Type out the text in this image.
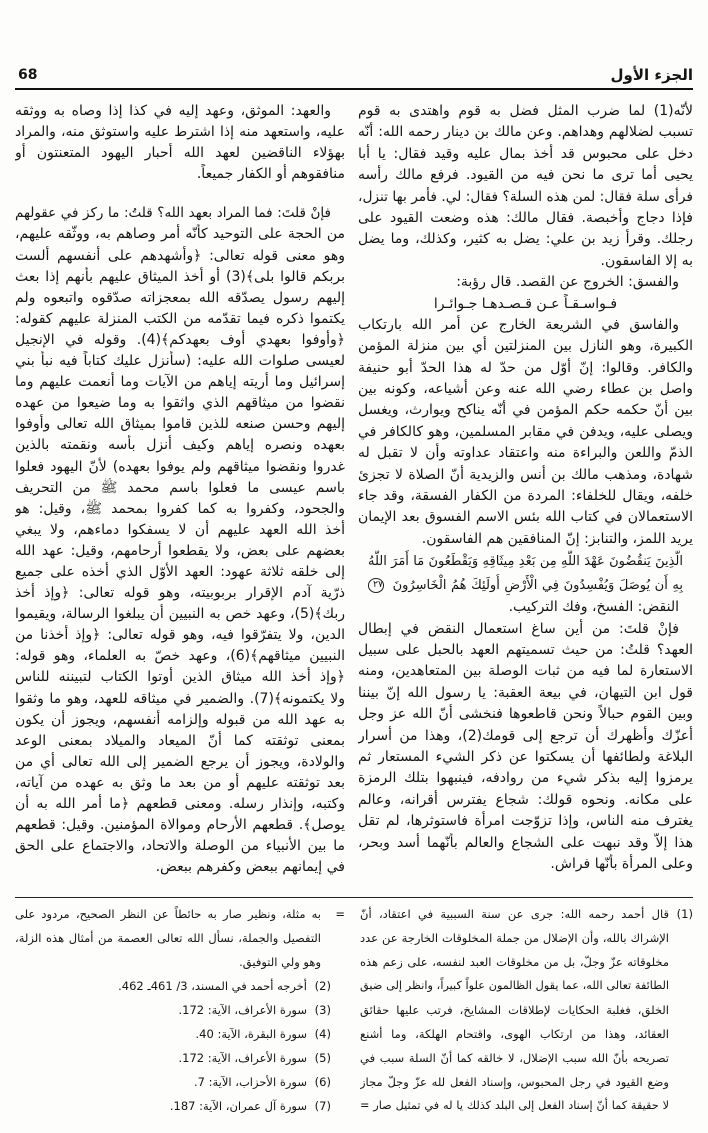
الجزء الأول
68
لأنّه(1) لما ضرب المثل فضل به قوم واهتدى به قوم
تسبب لضلالهم وهداهم. وعن مالك بن دينار رحمه الله: أنّه
دخل على محبوس قد أخذ بمال عليه وقيد فقال: يا أبا
يحيى أما ترى ما نحن فيه من القيود. فرفع مالك رأسه
فرأى سلة فقال: لمن هذه السلة؟ فقال: لي. فأمر بها تنزل،
فإذا دجاج وأخبصة. فقال مالك: هذه وضعت القيود على
رجلك. وقرأ زيد بن علي: يضل به كثير، وكذلك، وما يضل
به إلا الفاسقون.
والفسق: الخروج عن القصد. قال رؤبة:
فـواسـقـاً عـن قـصـدهـا جـوائـرا
والفاسق في الشريعة الخارج عن أمر الله بارتكاب
الكبيرة، وهو النازل بين المنزلتين أي بين منزلة المؤمن
والكافر. وقالوا: إنّ أوّل من حدّ له هذا الحدّ أبو حنيفة
واصل بن عطاء رضي الله عنه وعن أشياعه، وكونه بين
بين أنّ حكمه حكم المؤمن في أنّه يناكح ويوارث، ويغسل
ويصلى عليه، ويدفن في مقابر المسلمين، وهو كالكافر في
الذمّ واللعن والبراءة منه واعتقاد عداوته وأن لا تقبل له
شهادة، ومذهب مالك بن أنس والزيدية أنّ الصلاة لا تجزئ
خلفه، ويقال للخلفاء: المردة من الكفار الفسقة، وقد جاء
الاستعمالان في كتاب الله بئس الاسم الفسوق بعد الإيمان
يريد اللمز، والتنابز: إنّ المنافقين هم الفاسقون.
الَّذِينَ يَنقُضُونَ عَهْدَ اللَّهِ مِن بَعْدِ مِيثَاقِهِ وَيَقْطَعُونَ مَا أَمَرَ اللَّهُ
بِهِ أَن يُوصَلَ وَيُفْسِدُونَ فِي الْأَرْضِ أُولَئِكَ هُمُ الْخَاسِرُونَ ٢٧
النقض: الفسخ، وفك التركيب.
فإنْ قلتَ: من أين ساغ استعمال النقض في إبطال
العهد؟ قلتُ: من حيث تسميتهم العهد بالحبل على سبيل
الاستعارة لما فيه من ثبات الوصلة بين المتعاهدين، ومنه
قول ابن التيهان، في بيعة العقبة: يا رسول الله إنّ بيننا
وبين القوم حبالاً ونحن قاطعوها فنخشى أنّ الله عز وجل
أعزّك وأظهرك أن ترجع إلى قومك(2)، وهذا من أسرار
البلاغة ولطائفها أن يسكتوا عن ذكر الشيء المستعار ثم
يرمزوا إليه بذكر شيء من روادفه، فينبهوا بتلك الرمزة
على مكانه. ونحوه قولك: شجاع يفترس أقرانه، وعالم
يغترف منه الناس، وإذا تزوّجت امرأة فاستوثرها، لم تقل
هذا إلاّ وقد نبهت على الشجاع والعالم بأنّهما أسد وبحر،
وعلى المرأة بأنّها فراش.
والعهد: الموثق، وعهد إليه في كذا إذا وصاه به ووثقه
عليه، واستعهد منه إذا اشترط عليه واستوثق منه، والمراد
بهؤلاء الناقضين لعهد الله أحبار اليهود المتعنتون أو
منافقوهم أو الكفار جميعاً.
فإنْ قلتَ: فما المراد بعهد الله؟ قلتُ: ما ركز في عقولهم
من الحجة على التوحيد كأنّه أمر وصاهم به، ووثّقه عليهم،
وهو معنى قوله تعالى: ﴿وأشهدهم على أنفسهم ألست
بربكم قالوا بلى﴾(3) أو أخذ الميثاق عليهم بأنهم إذا بعث
إليهم رسول يصدّقه الله بمعجزاته صدّقوه واتبعوه ولم
يكتموا ذكره فيما تقدّمه من الكتب المنزلة عليهم كقوله:
﴿وأوفوا بعهدي أوف بعهدكم﴾(4). وقوله في الإنجيل
لعيسى صلوات الله عليه: (سأنزل عليك كتاباً فيه نبأ بني
إسرائيل وما أريته إياهم من الآيات وما أنعمت عليهم وما
نقضوا من ميثاقهم الذي واثقوا به وما ضيعوا من عهده
إليهم وحسن صنعه للذين قاموا بميثاق الله تعالى وأوفوا
بعهده ونصره إياهم وكيف أنزل بأسه ونقمته بالذين
غدروا ونقضوا ميثاقهم ولم يوفوا بعهده) لأنّ اليهود فعلوا
باسم عيسى ما فعلوا باسم محمد ﷺ من التحريف
والجحود، وكفروا به كما كفروا بمحمد ﷺ، وقيل: هو
أخذ الله العهد عليهم أن لا يسفكوا دماءهم، ولا يبغي
بعضهم على بعض، ولا يقطعوا أرحامهم، وقيل: عهد الله
إلى خلقه ثلاثة عهود: العهد الأوّل الذي أخذه على جميع
ذرّية آدم الإقرار بربوبيته، وهو قوله تعالى: ﴿وإذ أخذ
ربك﴾(5)، وعهد خص به النبيين أن يبلغوا الرسالة، ويقيموا
الدين، ولا يتفرّقوا فيه، وهو قوله تعالى: ﴿وإذ أخذنا من
النبيين ميثاقهم﴾(6)، وعهد خصّ به العلماء، وهو قوله:
﴿وإذ أخذ الله ميثاق الذين أوتوا الكتاب لتبيننه للناس
ولا يكتمونه﴾(7). والضمير في ميثاقه للعهد، وهو ما وثقوا
به عهد الله من قبوله وإلزامه أنفسهم، ويجوز أن يكون
بمعنى توثقته كما أنّ الميعاد والميلاد بمعنى الوعد
والولادة، ويجوز أن يرجع الضمير إلى الله تعالى أي من
بعد توثقته عليهم أو من بعد ما وثق به عهده من آياته،
وكتبه، وإنذار رسله. ومعنى قطعهم ﴿ما أمر الله به أن
يوصل﴾. قطعهم الأرحام وموالاة المؤمنين. وقيل: قطعهم
ما بين الأنبياء من الوصلة والاتحاد، والاجتماع على الحق
في إيمانهم ببعض وكفرهم ببعض.
(1)
قال أحمد رحمه الله: جرى عن سنة السببية في اعتقاد، أنّ
الإشراك بالله، وأن الإضلال من جملة المخلوقات الخارجة عن عدد
مخلوقاته عزّ وجلّ، بل من مخلوقات العبد لنفسه، على زعم هذه
الطائفة تعالى الله، عما يقول الظالمون علواً كبيراً، وانظر إلى ضيق
الخلق، فغلبة الحكايات لإطلاقات المشايخ، فرتب عليها حقائق
العقائد، وهذا من ارتكاب الهوى، واقتحام الهلكة، وما أشنع
تصريحه بأنّ الله سبب الإضلال، لا خالقه كما أنّ السلة سبب في
وضع القيود في رجل المحبوس، وإسناد الفعل لله عزّ وجلّ مجاز
لا حقيقة كما أنّ إسناد الفعل إلى البلد كذلك يا له في تمثيل صار =
=
به مثلة، ونظير صار به حائطاً عن النظر الصحيح، مردود على
التفصيل والجملة، نسأل الله تعالى العصمة من أمثال هذه الزلة،
وهو ولي التوفيق.
(2)
أخرجه أحمد في المسند، 3/ 461ـ 462.
(3)
سورة الأعراف، الآية: 172.
(4)
سورة البقرة، الآية: 40.
(5)
سورة الأعراف، الآية: 172.
(6)
سورة الأحزاب، الآية: 7.
(7)
سورة آل عمران، الآية: 187.
